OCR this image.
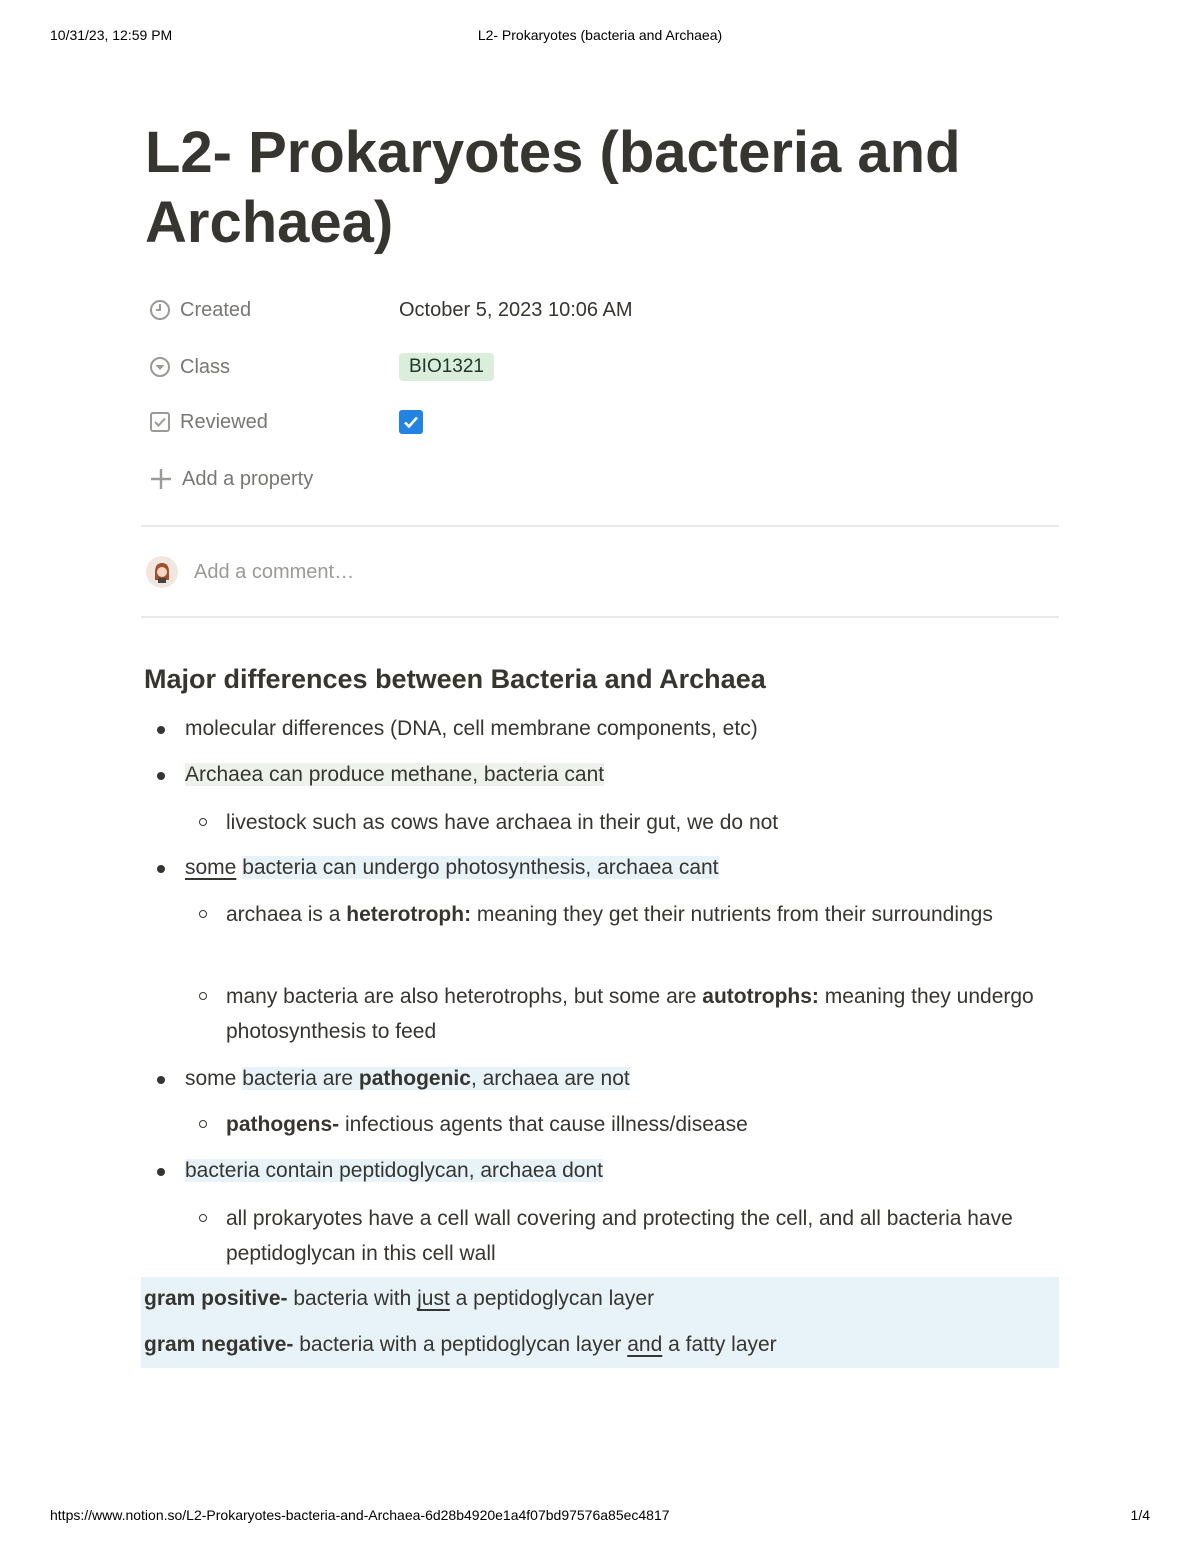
10/31/23, 12:59 PM	L2- Prokaryotes (bacteria and Archaea)
L2- Prokaryotes (bacteria and Archaea)
Created	October 5, 2023 10:06 AM
Class	BIO1321
Reviewed
Add a property
Add a comment…
Major differences between Bacteria and Archaea
molecular differences (DNA, cell membrane components, etc)
Archaea can produce methane, bacteria cant
livestock such as cows have archaea in their gut, we do not
some bacteria can undergo photosynthesis, archaea cant
archaea is a heterotroph: meaning they get their nutrients from their surroundings
many bacteria are also heterotrophs, but some are autotrophs: meaning they undergo photosynthesis to feed
some bacteria are pathogenic, archaea are not
pathogens- infectious agents that cause illness/disease
bacteria contain peptidoglycan, archaea dont
all prokaryotes have a cell wall covering and protecting the cell, and all bacteria have peptidoglycan in this cell wall
gram positive- bacteria with just a peptidoglycan layer
gram negative- bacteria with a peptidoglycan layer and a fatty layer
https://www.notion.so/L2-Prokaryotes-bacteria-and-Archaea-6d28b4920e1a4f07bd97576a85ec4817	1/4
